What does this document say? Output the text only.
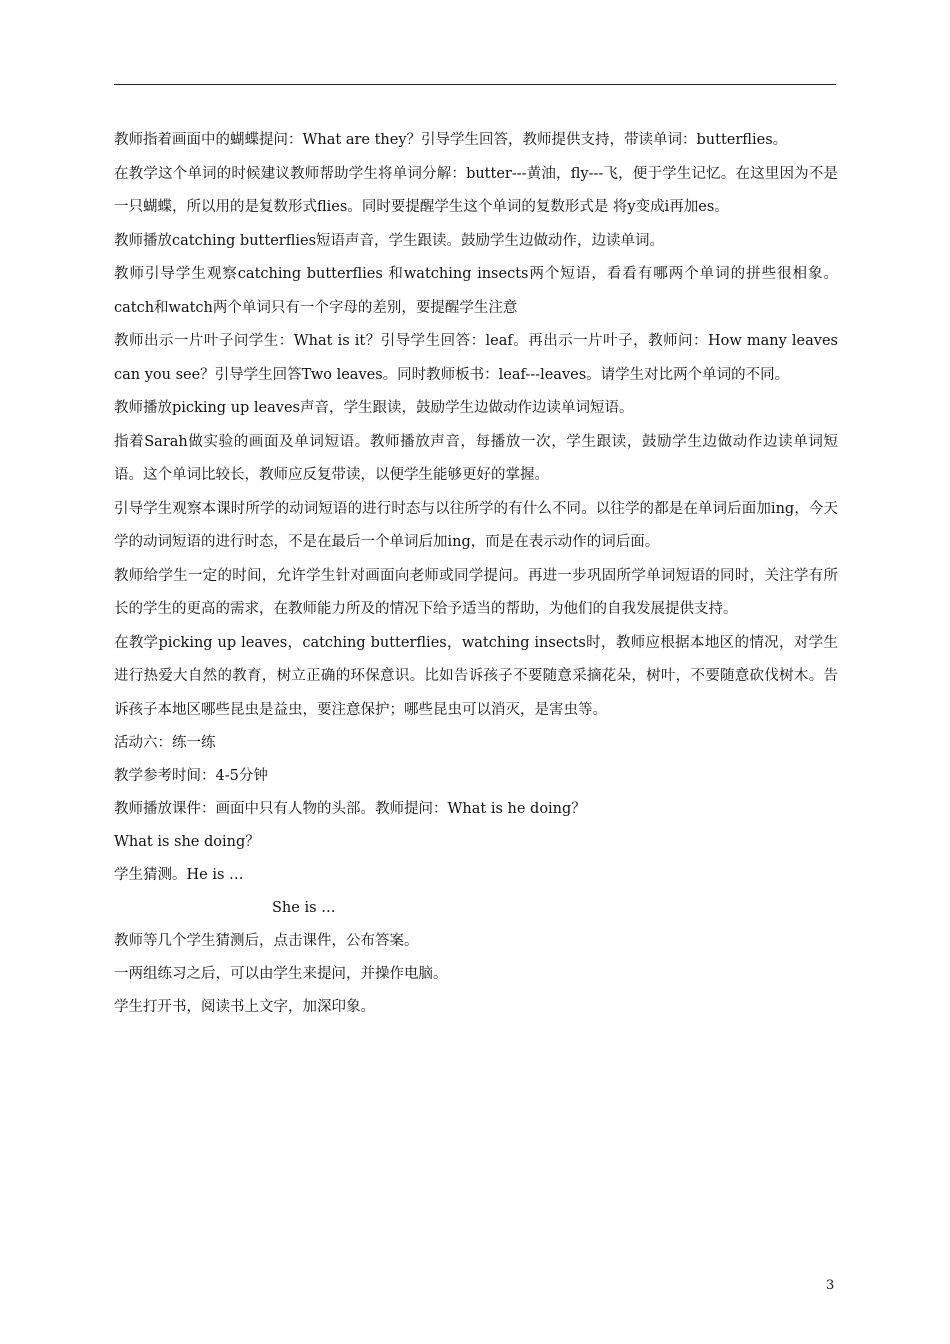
教师指着画面中的蝴蝶提问：What are they？引导学生回答，教师提供支持，带读单词：butterflies。

在教学这个单词的时候建议教师帮助学生将单词分解：butter---黄油，fly---飞，便于学生记忆。在这里因为不是一只蝴蝶，所以用的是复数形式flies。同时要提醒学生这个单词的复数形式是 将y变成i再加es。

教师播放catching butterflies短语声音，学生跟读。鼓励学生边做动作，边读单词。

教师引导学生观察catching butterflies 和watching insects两个短语，看看有哪两个单词的拼些很相象。catch和watch两个单词只有一个字母的差别，要提醒学生注意

教师出示一片叶子问学生：What is it？引导学生回答：leaf。再出示一片叶子，教师问：How many leaves can you see？引导学生回答Two leaves。同时教师板书：leaf---leaves。请学生对比两个单词的不同。

教师播放picking up leaves声音，学生跟读，鼓励学生边做动作边读单词短语。

指着Sarah做实验的画面及单词短语。教师播放声音，每播放一次，学生跟读，鼓励学生边做动作边读单词短语。这个单词比较长，教师应反复带读，以便学生能够更好的掌握。

引导学生观察本课时所学的动词短语的进行时态与以往所学的有什么不同。以往学的都是在单词后面加ing，今天学的动词短语的进行时态，不是在最后一个单词后加ing，而是在表示动作的词后面。

教师给学生一定的时间，允许学生针对画面向老师或同学提问。再进一步巩固所学单词短语的同时，关注学有所长的学生的更高的需求，在教师能力所及的情况下给予适当的帮助，为他们的自我发展提供支持。

在教学picking up leaves，catching butterflies，watching insects时，教师应根据本地区的情况，对学生进行热爱大自然的教育，树立正确的环保意识。比如告诉孩子不要随意采摘花朵，树叶，不要随意砍伐树木。告诉孩子本地区哪些昆虫是益虫，要注意保护；哪些昆虫可以消灭，是害虫等。

活动六：练一练

教学参考时间：4-5分钟

教师播放课件：画面中只有人物的头部。教师提问：What is he doing？

What is she doing？

学生猜测。He is …

She is …

教师等几个学生猜测后，点击课件，公布答案。

一两组练习之后，可以由学生来提问，并操作电脑。

学生打开书，阅读书上文字，加深印象。

3
